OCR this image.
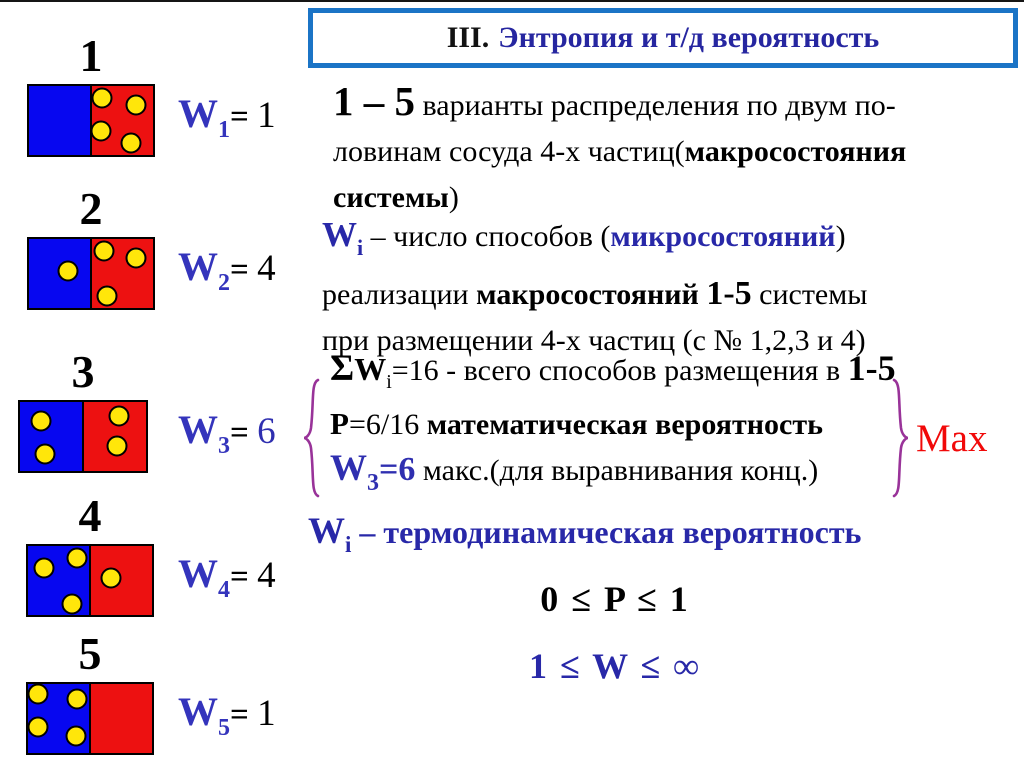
III. Энтропия и т/д вероятность
1
W1= 1
2
W2= 4
3
W3= 6
4
W4= 4
5
W5= 1
1 – 5 варианты распределения по двум по-
ловинам сосуда 4-х частиц(макросостояния
системы)
$W_i$ – число способов (микросостояний)
реализации макросостояний 1-5 системы
при размещении 4-х частиц (с № 1,2,3 и 4)
$\Sigma W_i=16$ - всего способов размещения в 1-5
P=6/16 математическая вероятность
$W_3=6$ макс.(для выравнивания конц.)
Max
$W_i$ – термодинамическая вероятность
0 ≤ P ≤ 1
1 ≤ W ≤ ∞
